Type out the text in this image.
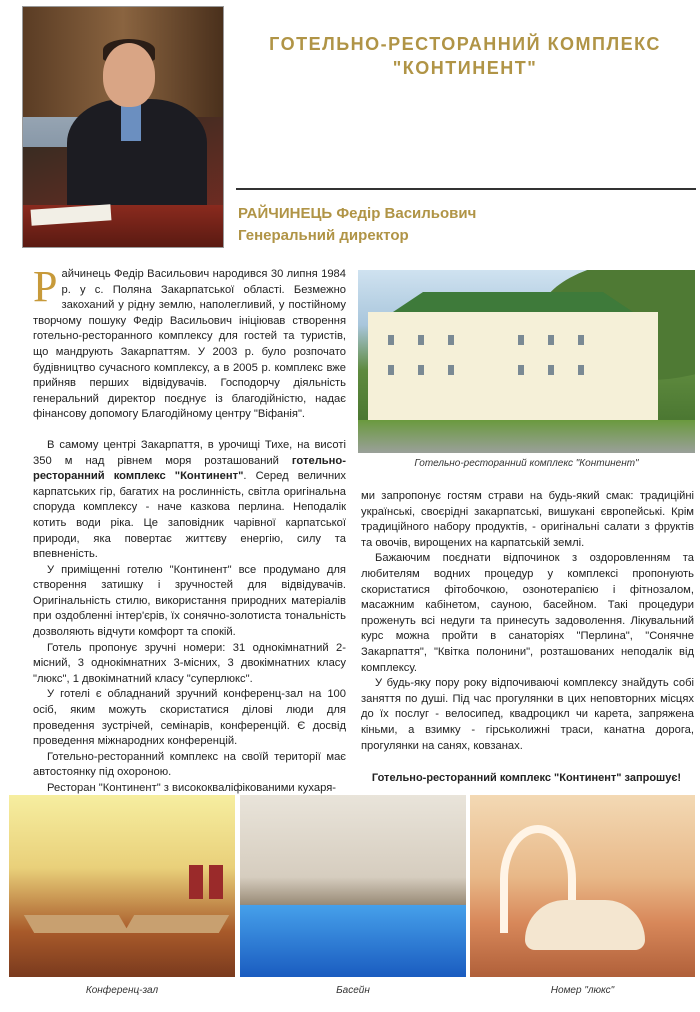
ГОТЕЛЬНО-РЕСТОРАННИЙ КОМПЛЕКС
"КОНТИНЕНТ"
РАЙЧИНЕЦЬ Федір Васильович
Генеральний директор

Райчинець Федір Васильович народився 30 липня 1984 р. у с. Поляна Закарпатської області. Безмежно закоханий у рідну землю, наполегливий, у постійному творчому пошуку Федір Васильович ініціював створення готельно-ресторанного комплексу для гостей та туристів, що мандрують Закарпаттям. У 2003 р. було розпочато будівництво сучасного комплексу, а в 2005 р. комплекс вже прийняв перших відвідувачів. Господорчу діяльність генеральний директор поєднує із благодійністю, надає фінансову допомогу Благодійному центру "Віфанія".

В самому центрі Закарпаття, в урочищі Тихе, на висоті 350 м над рівнем моря розташований готельно-ресторанний комплекс "Континент". Серед величних карпатських гір, багатих на рослинність, світла оригінальна споруда комплексу - наче казкова перлина. Неподалік котить води ріка. Це заповідник чарівної карпатської природи, яка повертає життєву енергію, силу та впевненість.

У приміщенні готелю "Континент" все продумано для створення затишку і зручностей для відвідувачів. Оригінальність стилю, використання природних матеріалів при оздобленні інтер'єрів, їх сонячно-золотиста тональність дозволяють відчути комфорт та спокій.

Готель пропонує зручні номери: 31 однокімнатний 2-місний, 3 однокімнатних 3-місних, 3 двокімнатних класу "люкс", 1 двокімнатний класу "суперлюкс".

У готелі є обладнаний зручний конференц-зал на 100 осіб, яким можуть скористатися ділові люди для проведення зустрічей, семінарів, конференцій. Є досвід проведення міжнародних конференцій.

Готельно-ресторанний комплекс на своїй території має автостоянку під охороною.

Ресторан "Континент" з висококваліфікованими кухаря-

Готельно-ресторанний комплекс "Континент"

ми запропонує гостям страви на будь-який смак: традиційні українські, своєрідні закарпатські, вишукані європейські. Крім традиційного набору продуктів, - оригінальні салати з фруктів та овочів, вирощених на карпатській землі.

Бажаючим поєднати відпочинок з оздоровленням та любителям водних процедур у комплексі пропонують скористатися фітобочкою, озонотерапією і фітнозалом, масажним кабінетом, сауною, басейном. Такі процедури проженуть всі недуги та принесуть задоволення. Лікувальний курс можна пройти в санаторіях "Перлина", "Сонячне Закарпаття", "Квітка полонини", розташованих неподалік від комплексу.

У будь-яку пору року відпочиваючі комплексу знайдуть собі заняття по душі. Під час прогулянки в цих неповторних місцях до їх послуг - велосипед, квадроцикл чи карета, запряжена кіньми, а взимку - гірськолижні траси, канатна дорога, прогулянки на санях, ковзанах.

Готельно-ресторанний комплекс "Континент" запрошує!
Конференц-зал	Басейн	Номер "люкс"
